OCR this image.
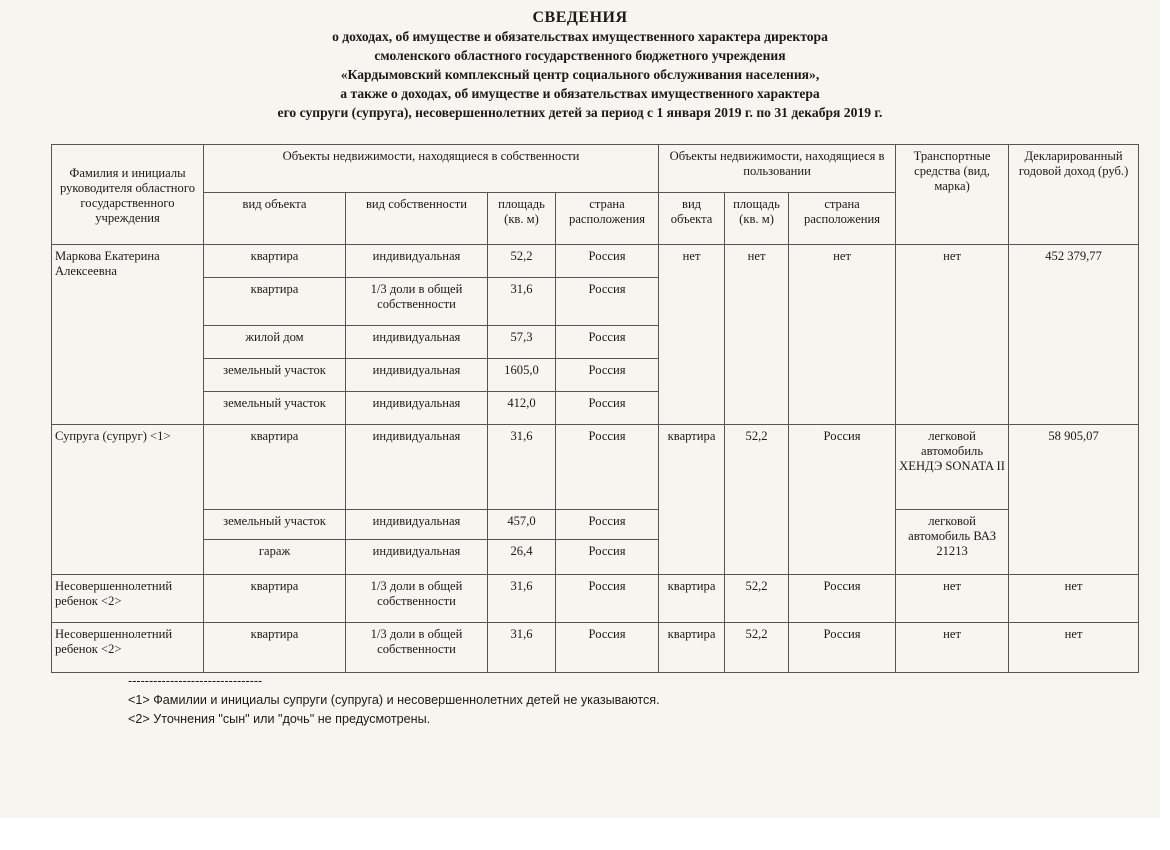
СВЕДЕНИЯ
о доходах, об имуществе и обязательствах имущественного характера директора
смоленского областного государственного бюджетного учреждения
«Кардымовский комплексный центр социального обслуживания населения»,
а также о доходах, об имуществе и обязательствах имущественного характера
его супруги (супруга), несовершеннолетних детей за период с 1 января 2019 г. по 31 декабря 2019 г.
Фамилия и инициалы руководителя областного государственного учреждения	Объекты недвижимости, находящиеся в собственности				Объекты недвижимости, находящиеся в пользовании			Транспортные средства (вид, марка)	Декларированный годовой доход (руб.)
	вид объекта	вид собственности	площадь (кв. м)	страна расположения	вид объекта	площадь (кв. м)	страна расположения		
Маркова Екатерина Алексеевна	квартира	индивидуальная	52,2	Россия	нет	нет	нет	нет	452 379,77
	квартира	1/3 доли в общей собственности	31,6	Россия					
	жилой дом	индивидуальная	57,3	Россия					
	земельный участок	индивидуальная	1605,0	Россия					
	земельный участок	индивидуальная	412,0	Россия					
Супруга (супруг) <1>	квартира	индивидуальная	31,6	Россия	квартира	52,2	Россия	легковой автомобиль ХЕНДЭ SONATA II	58 905,07
	земельный участок	индивидуальная	457,0	Россия				легковой автомобиль ВАЗ 21213	
	гараж	индивидуальная	26,4	Россия					
Несовершеннолетний ребенок <2>	квартира	1/3 доли в общей собственности	31,6	Россия	квартира	52,2	Россия	нет	нет
Несовершеннолетний ребенок <2>	квартира	1/3 доли в общей собственности	31,6	Россия	квартира	52,2	Россия	нет	нет
--------------------------------
<1> Фамилии и инициалы супруги (супруга) и несовершеннолетних детей не указываются.
<2> Уточнения "сын" или "дочь" не предусмотрены.
